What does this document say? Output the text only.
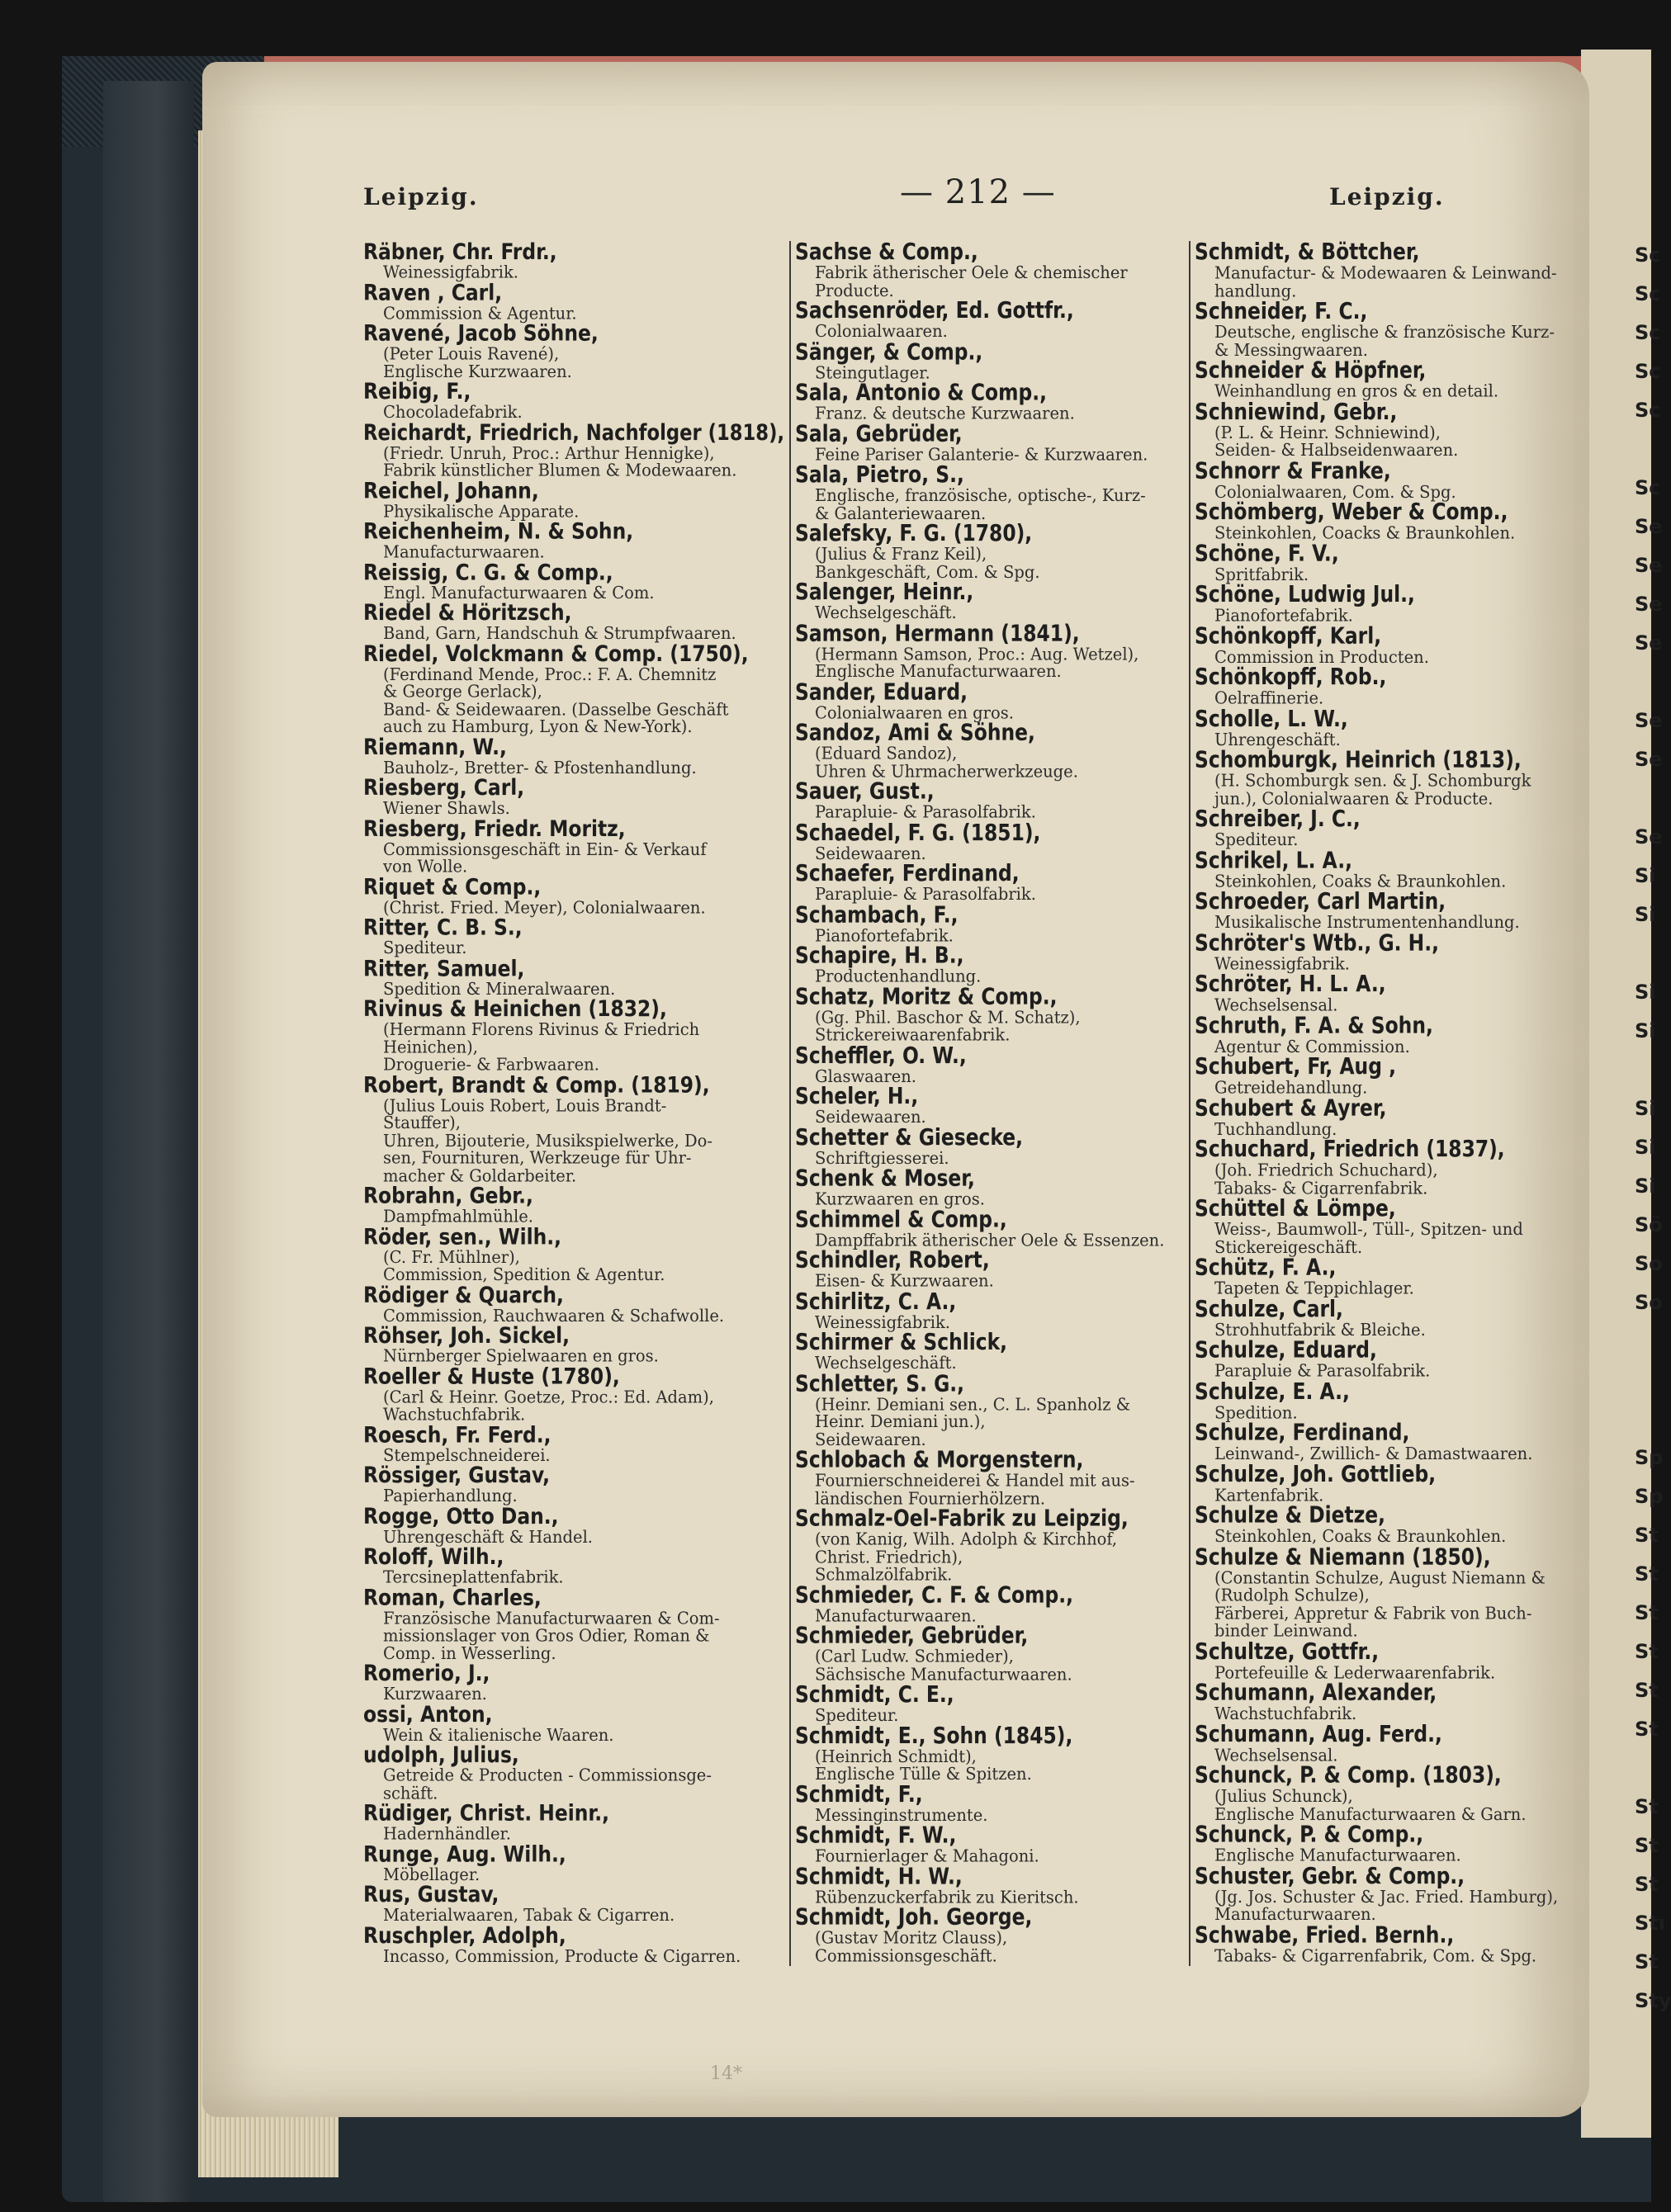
Leipzig.	— 212 —	Leipzig.
Räbner, Chr. Frdr.,
Weinessigfabrik.
Raven , Carl,
Commission & Agentur.
Ravené, Jacob Söhne,
(Peter Louis Ravené),
Englische Kurzwaaren.
Reibig, F.,
Chocoladefabrik.
Reichardt, Friedrich, Nachfolger (1818),
(Friedr. Unruh, Proc.: Arthur Hennigke),
Fabrik künstlicher Blumen & Modewaaren.
Reichel, Johann,
Physikalische Apparate.
Reichenheim, N. & Sohn,
Manufacturwaaren.
Reissig, C. G. & Comp.,
Engl. Manufacturwaaren & Com.
Riedel & Höritzsch,
Band, Garn, Handschuh & Strumpfwaaren.
Riedel, Volckmann & Comp. (1750),
(Ferdinand Mende, Proc.: F. A. Chemnitz
& George Gerlack),
Band- & Seidewaaren. (Dasselbe Geschäft
auch zu Hamburg, Lyon & New-York).
Riemann, W.,
Bauholz-, Bretter- & Pfostenhandlung.
Riesberg, Carl,
Wiener Shawls.
Riesberg, Friedr. Moritz,
Commissionsgeschäft in Ein- & Verkauf
von Wolle.
Riquet & Comp.,
(Christ. Fried. Meyer), Colonialwaaren.
Ritter, C. B. S.,
Spediteur.
Ritter, Samuel,
Spedition & Mineralwaaren.
Rivinus & Heinichen (1832),
(Hermann Florens Rivinus & Friedrich
Heinichen),
Droguerie- & Farbwaaren.
Robert, Brandt & Comp. (1819),
(Julius Louis Robert, Louis Brandt-
Stauffer),
Uhren, Bijouterie, Musikspielwerke, Do-
sen, Fournituren, Werkzeuge für Uhr-
macher & Goldarbeiter.
Robrahn, Gebr.,
Dampfmahlmühle.
Röder, sen., Wilh.,
(C. Fr. Mühlner),
Commission, Spedition & Agentur.
Rödiger & Quarch,
Commission, Rauchwaaren & Schafwolle.
Röhser, Joh. Sickel,
Nürnberger Spielwaaren en gros.
Roeller & Huste (1780),
(Carl & Heinr. Goetze, Proc.: Ed. Adam),
Wachstuchfabrik.
Roesch, Fr. Ferd.,
Stempelschneiderei.
Rössiger, Gustav,
Papierhandlung.
Rogge, Otto Dan.,
Uhrengeschäft & Handel.
Roloff, Wilh.,
Tercsineplattenfabrik.
Roman, Charles,
Französische Manufacturwaaren & Com-
missionslager von Gros Odier, Roman &
Comp. in Wesserling.
Romerio, J.,
Kurzwaaren.
ossi, Anton,
Wein & italienische Waaren.
udolph, Julius,
Getreide & Producten - Commissionsge-
schäft.
Rüdiger, Christ. Heinr.,
Hadernhändler.
Runge, Aug. Wilh.,
Möbellager.
Rus, Gustav,
Materialwaaren, Tabak & Cigarren.
Ruschpler, Adolph,
Incasso, Commission, Producte & Cigarren.
Sachse & Comp.,
Fabrik ätherischer Oele & chemischer
Producte.
Sachsenröder, Ed. Gottfr.,
Colonialwaaren.
Sänger, & Comp.,
Steingutlager.
Sala, Antonio & Comp.,
Franz. & deutsche Kurzwaaren.
Sala, Gebrüder,
Feine Pariser Galanterie- & Kurzwaaren.
Sala, Pietro, S.,
Englische, französische, optische-, Kurz-
& Galanteriewaaren.
Salefsky, F. G. (1780),
(Julius & Franz Keil),
Bankgeschäft, Com. & Spg.
Salenger, Heinr.,
Wechselgeschäft.
Samson, Hermann (1841),
(Hermann Samson, Proc.: Aug. Wetzel),
Englische Manufacturwaaren.
Sander, Eduard,
Colonialwaaren en gros.
Sandoz, Ami & Söhne,
(Eduard Sandoz),
Uhren & Uhrmacherwerkzeuge.
Sauer, Gust.,
Parapluie- & Parasolfabrik.
Schaedel, F. G. (1851),
Seidewaaren.
Schaefer, Ferdinand,
Parapluie- & Parasolfabrik.
Schambach, F.,
Pianofortefabrik.
Schapire, H. B.,
Productenhandlung.
Schatz, Moritz & Comp.,
(Gg. Phil. Baschor & M. Schatz),
Strickereiwaarenfabrik.
Scheffler, O. W.,
Glaswaaren.
Scheler, H.,
Seidewaaren.
Schetter & Giesecke,
Schriftgiesserei.
Schenk & Moser,
Kurzwaaren en gros.
Schimmel & Comp.,
Dampffabrik ätherischer Oele & Essenzen.
Schindler, Robert,
Eisen- & Kurzwaaren.
Schirlitz, C. A.,
Weinessigfabrik.
Schirmer & Schlick,
Wechselgeschäft.
Schletter, S. G.,
(Heinr. Demiani sen., C. L. Spanholz &
Heinr. Demiani jun.),
Seidewaaren.
Schlobach & Morgenstern,
Fournierschneiderei & Handel mit aus-
ländischen Fournierhölzern.
Schmalz-Oel-Fabrik zu Leipzig,
(von Kanig, Wilh. Adolph & Kirchhof,
Christ. Friedrich),
Schmalzölfabrik.
Schmieder, C. F. & Comp.,
Manufacturwaaren.
Schmieder, Gebrüder,
(Carl Ludw. Schmieder),
Sächsische Manufacturwaaren.
Schmidt, C. E.,
Spediteur.
Schmidt, E., Sohn (1845),
(Heinrich Schmidt),
Englische Tülle & Spitzen.
Schmidt, F.,
Messinginstrumente.
Schmidt, F. W.,
Fournierlager & Mahagoni.
Schmidt, H. W.,
Rübenzuckerfabrik zu Kieritsch.
Schmidt, Joh. George,
(Gustav Moritz Clauss),
Commissionsgeschäft.
Schmidt, & Böttcher,
Manufactur- & Modewaaren & Leinwand-
handlung.
Schneider, F. C.,
Deutsche, englische & französische Kurz-
& Messingwaaren.
Schneider & Höpfner,
Weinhandlung en gros & en detail.
Schniewind, Gebr.,
(P. L. & Heinr. Schniewind),
Seiden- & Halbseidenwaaren.
Schnorr & Franke,
Colonialwaaren, Com. & Spg.
Schömberg, Weber & Comp.,
Steinkohlen, Coacks & Braunkohlen.
Schöne, F. V.,
Spritfabrik.
Schöne, Ludwig Jul.,
Pianofortefabrik.
Schönkopff, Karl,
Commission in Producten.
Schönkopff, Rob.,
Oelraffinerie.
Scholle, L. W.,
Uhrengeschäft.
Schomburgk, Heinrich (1813),
(H. Schomburgk sen. & J. Schomburgk
jun.), Colonialwaaren & Producte.
Schreiber, J. C.,
Spediteur.
Schrikel, L. A.,
Steinkohlen, Coaks & Braunkohlen.
Schroeder, Carl Martin,
Musikalische Instrumentenhandlung.
Schröter's Wtb., G. H.,
Weinessigfabrik.
Schröter, H. L. A.,
Wechselsensal.
Schruth, F. A. & Sohn,
Agentur & Commission.
Schubert, Fr, Aug ,
Getreidehandlung.
Schubert & Ayrer,
Tuchhandlung.
Schuchard, Friedrich (1837),
(Joh. Friedrich Schuchard),
Tabaks- & Cigarrenfabrik.
Schüttel & Lömpe,
Weiss-, Baumwoll-, Tüll-, Spitzen- und
Stickereigeschäft.
Schütz, F. A.,
Tapeten & Teppichlager.
Schulze, Carl,
Strohhutfabrik & Bleiche.
Schulze, Eduard,
Parapluie & Parasolfabrik.
Schulze, E. A.,
Spedition.
Schulze, Ferdinand,
Leinwand-, Zwillich- & Damastwaaren.
Schulze, Joh. Gottlieb,
Kartenfabrik.
Schulze & Dietze,
Steinkohlen, Coaks & Braunkohlen.
Schulze & Niemann (1850),
(Constantin Schulze, August Niemann &
(Rudolph Schulze),
Färberei, Appretur & Fabrik von Buch-
binder Leinwand.
Schultze, Gottfr.,
Portefeuille & Lederwaarenfabrik.
Schumann, Alexander,
Wachstuchfabrik.
Schumann, Aug. Ferd.,
Wechselsensal.
Schunck, P. & Comp. (1803),
(Julius Schunck),
Englische Manufacturwaaren & Garn.
Schunck, P. & Comp.,
Englische Manufacturwaaren.
Schuster, Gebr. & Comp.,
(Jg. Jos. Schuster & Jac. Fried. Hamburg),
Manufacturwaaren.
Schwabe, Fried. Bernh.,
Tabaks- & Cigarrenfabrik, Com. & Spg.
Sc
Sc
Sc
Sc
Sc
Sc
Se
Se
Se
Se
Se
Se
Se
Si
Si
Si
Si
Si
Si
Si
Sö
So
So
Sp
Sp
St
St
St
St
St
St
St
St
St
Stı
St
Sty
14*
